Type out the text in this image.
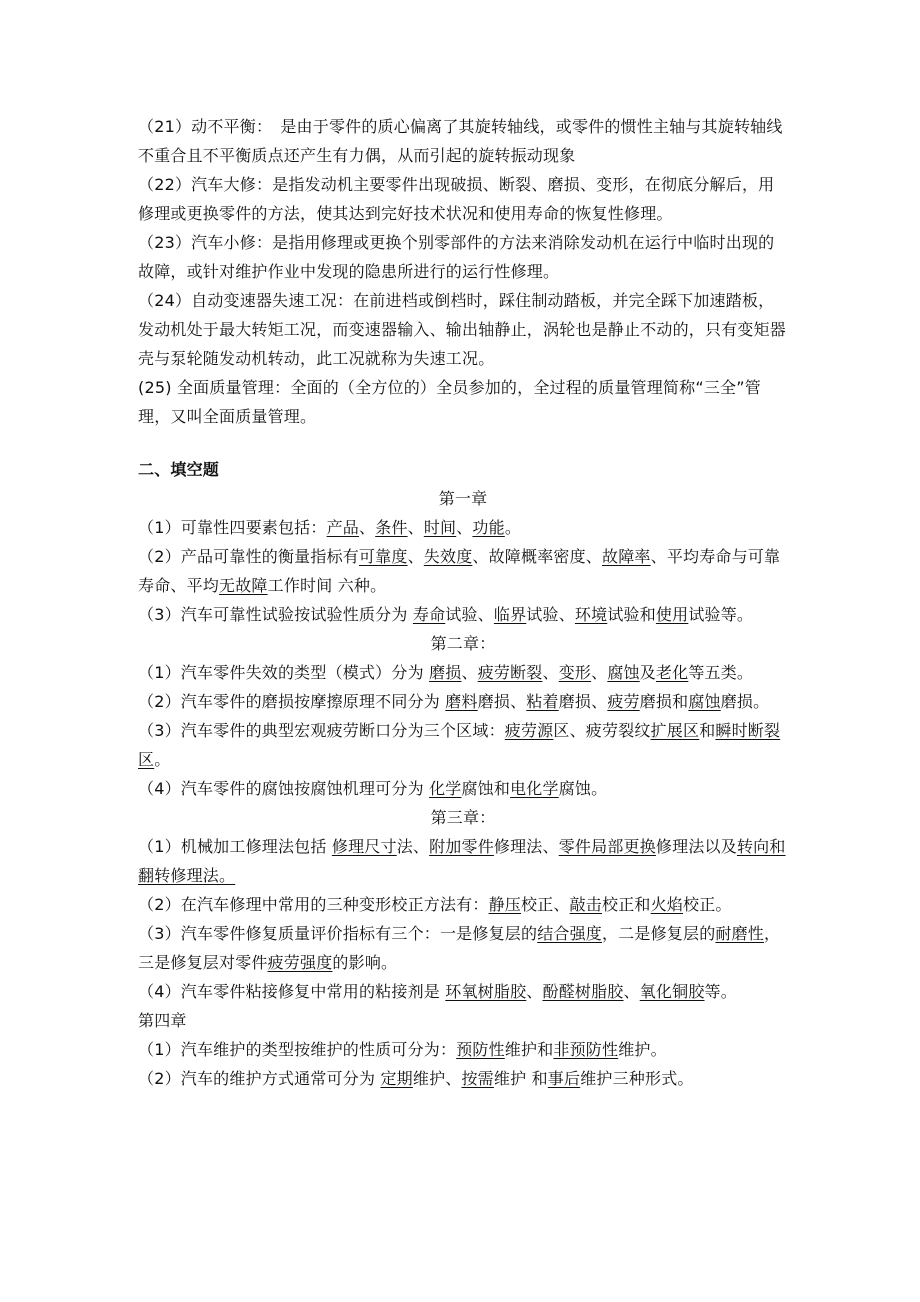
（21）动不平衡：　是由于零件的质心偏离了其旋转轴线，或零件的惯性主轴与其旋转轴线不重合且不平衡质点还产生有力偶，从而引起的旋转振动现象

（22）汽车大修：是指发动机主要零件出现破损、断裂、磨损、变形，在彻底分解后，用修理或更换零件的方法，使其达到完好技术状况和使用寿命的恢复性修理。

（23）汽车小修：是指用修理或更换个别零部件的方法来消除发动机在运行中临时出现的故障，或针对维护作业中发现的隐患所进行的运行性修理。

（24）自动变速器失速工况：在前进档或倒档时，踩住制动踏板，并完全踩下加速踏板，发动机处于最大转矩工况，而变速器输入、输出轴静止，涡轮也是静止不动的，只有变矩器壳与泵轮随发动机转动，此工况就称为失速工况。

(25) 全面质量管理：全面的（全方位的）全员参加的，全过程的质量管理简称“三全”管理，又叫全面质量管理。

二、填空题

第一章

（1）可靠性四要素包括：产品、条件、时间、功能。

（2）产品可靠性的衡量指标有可靠度、失效度、故障概率密度、故障率、平均寿命与可靠寿命、平均无故障工作时间 六种。

（3）汽车可靠性试验按试验性质分为 寿命试验、临界试验、环境试验和使用试验等。

第二章：

（1）汽车零件失效的类型（模式）分为 磨损、疲劳断裂、变形、腐蚀及老化等五类。

（2）汽车零件的磨损按摩擦原理不同分为 磨料磨损、粘着磨损、疲劳磨损和腐蚀磨损。

（3）汽车零件的典型宏观疲劳断口分为三个区域：疲劳源区、疲劳裂纹扩展区和瞬时断裂区。

（4）汽车零件的腐蚀按腐蚀机理可分为 化学腐蚀和电化学腐蚀。

第三章：

（1）机械加工修理法包括 修理尺寸法、附加零件修理法、零件局部更换修理法以及转向和翻转修理法。

（2）在汽车修理中常用的三种变形校正方法有：静压校正、敲击校正和火焰校正。

（3）汽车零件修复质量评价指标有三个：一是修复层的结合强度，二是修复层的耐磨性，三是修复层对零件疲劳强度的影响。

（4）汽车零件粘接修复中常用的粘接剂是 环氧树脂胶、酚醛树脂胶、氧化铜胶等。

第四章

（1）汽车维护的类型按维护的性质可分为：预防性维护和非预防性维护。

（2）汽车的维护方式通常可分为 定期维护、按需维护 和事后维护三种形式。
